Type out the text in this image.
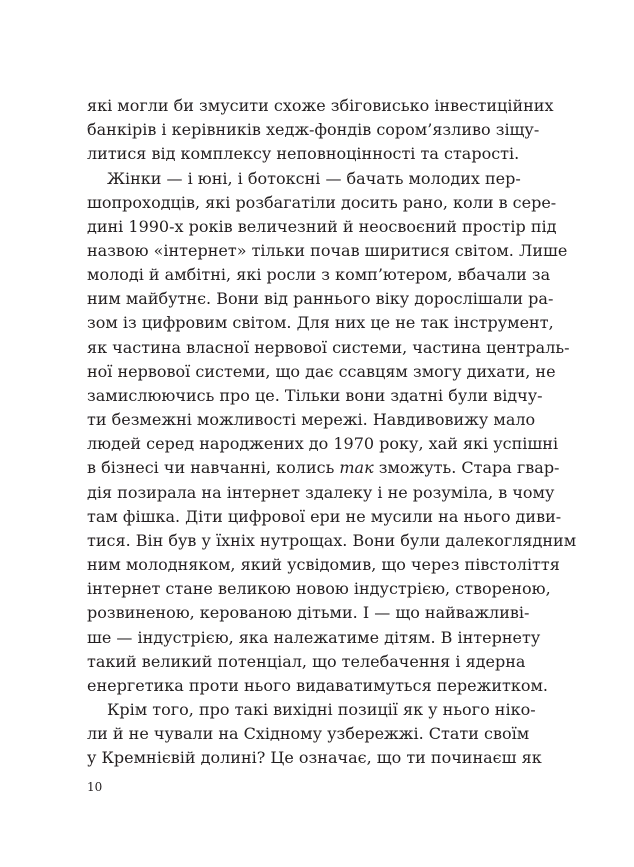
які могли би змусити схоже збіговисько інвестиційних
банкірів і керівників хедж-фондів сором’язливо зіщу-
литися від комплексу неповноцінності та старості.
Жінки — і юні, і ботоксні — бачать молодих пер-
шопроходців, які розбагатіли досить рано, коли в сере-
дині 1990-х років величезний й неосвоєний простір під
назвою «інтернет» тільки почав ширитися світом. Лише
молоді й амбітні, які росли з комп’ютером, вбачали за
ним майбутнє. Вони від раннього віку дорослішали ра-
зом із цифровим світом. Для них це не так інструмент,
як частина власної нервової системи, частина централь-
ної нервової системи, що дає ссавцям змогу дихати, не
замислюючись про це. Тільки вони здатні були відчу-
ти безмежні можливості мережі. Навдивовижу мало
людей серед народжених до 1970 року, хай які успішні
в бізнесі чи навчанні, колись так зможуть. Стара гвар-
дія позирала на інтернет здалеку і не розуміла, в чому
там фішка. Діти цифрової ери не мусили на нього диви-
тися. Він був у їхніх нутрощах. Вони були далекоглядним
ним молодняком, який усвідомив, що через півстоліття
інтернет стане великою новою індустрією, створеною,
розвиненою, керованою дітьми. І — що найважливі-
ше — індустрією, яка належатиме дітям. В інтернету
такий великий потенціал, що телебачення і ядерна
енергетика проти нього видаватимуться пережитком.
Крім того, про такі вихідні позиції як у нього ніко-
ли й не чували на Східному узбережжі. Стати своїм
у Кремнієвій долині? Це означає, що ти починаєш як
10
